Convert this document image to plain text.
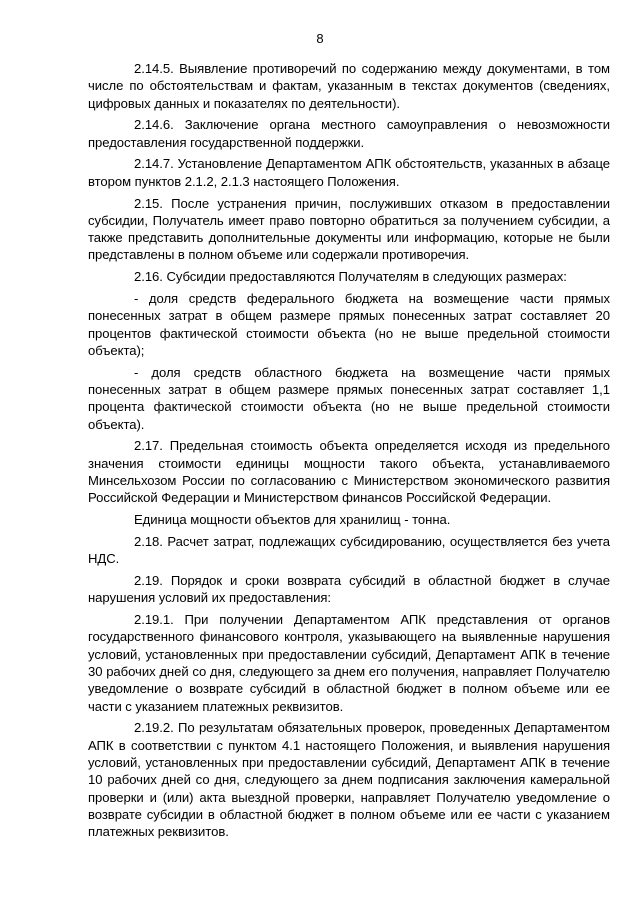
8

2.14.5. Выявление противоречий по содержанию между документами, в том числе по обстоятельствам и фактам, указанным в текстах документов (сведениях, цифровых данных и показателях по деятельности).

2.14.6. Заключение органа местного самоуправления о невозможности предоставления государственной поддержки.

2.14.7. Установление Департаментом АПК обстоятельств, указанных в абзаце втором пунктов 2.1.2, 2.1.3 настоящего Положения.

2.15. После устранения причин, послуживших отказом в предоставлении субсидии, Получатель имеет право повторно обратиться за получением субсидии, а также представить дополнительные документы или информацию, которые не были представлены в полном объеме или содержали противоречия.

2.16. Субсидии предоставляются Получателям в следующих размерах:

- доля средств федерального бюджета на возмещение части прямых понесенных затрат в общем размере прямых понесенных затрат составляет 20 процентов фактической стоимости объекта (но не выше предельной стоимости объекта);

- доля средств областного бюджета на возмещение части прямых понесенных затрат в общем размере прямых понесенных затрат составляет 1,1 процента фактической стоимости объекта (но не выше предельной стоимости объекта).

2.17. Предельная стоимость объекта определяется исходя из предельного значения стоимости единицы мощности такого объекта, устанавливаемого Минсельхозом России по согласованию с Министерством экономического развития Российской Федерации и Министерством финансов Российской Федерации.

Единица мощности объектов для хранилищ - тонна.

2.18. Расчет затрат, подлежащих субсидированию, осуществляется без учета НДС.

2.19. Порядок и сроки возврата субсидий в областной бюджет в случае нарушения условий их предоставления:

2.19.1. При получении Департаментом АПК представления от органов государственного финансового контроля, указывающего на выявленные нарушения условий, установленных при предоставлении субсидий, Департамент АПК в течение 30 рабочих дней со дня, следующего за днем его получения, направляет Получателю уведомление о возврате субсидий в областной бюджет в полном объеме или ее части с указанием платежных реквизитов.

2.19.2. По результатам обязательных проверок, проведенных Департаментом АПК в соответствии с пунктом 4.1 настоящего Положения, и выявления нарушения условий, установленных при предоставлении субсидий, Департамент АПК в течение 10 рабочих дней со дня, следующего за днем подписания заключения камеральной проверки и (или) акта выездной проверки, направляет Получателю уведомление о возврате субсидии в областной бюджет в полном объеме или ее части с указанием платежных реквизитов.
